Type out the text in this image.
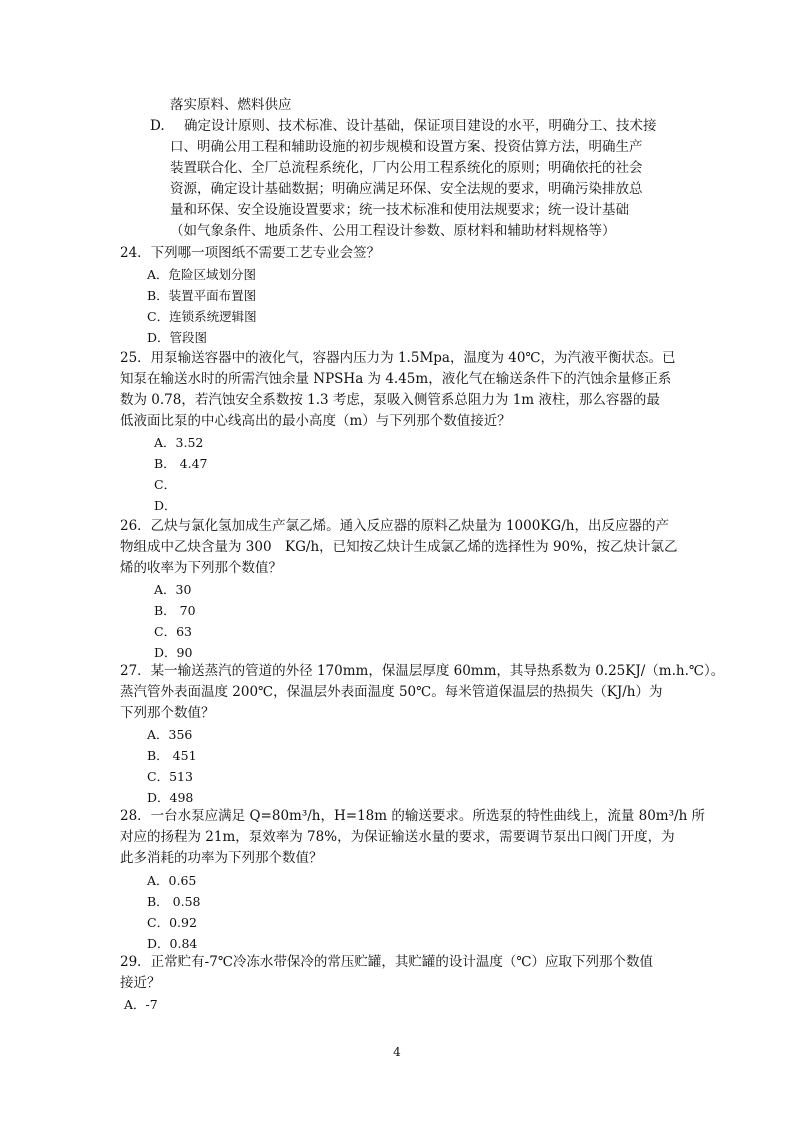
落实原料、燃料供应
D. 确定设计原则、技术标准、设计基础，保证项目建设的水平，明确分工、技术接
口、明确公用工程和辅助设施的初步规模和设置方案、投资估算方法，明确生产
装置联合化、全厂总流程系统化，厂内公用工程系统化的原则；明确依托的社会
资源，确定设计基础数据；明确应满足环保、安全法规的要求，明确污染排放总
量和环保、安全设施设置要求；统一技术标准和使用法规要求；统一设计基础
（如气象条件、地质条件、公用工程设计参数、原材料和辅助材料规格等）
24．下列哪一项图纸不需要工艺专业会签？
A．危险区域划分图
B．装置平面布置图
C．连锁系统逻辑图
D．管段图
25．用泵输送容器中的液化气，容器内压力为 1.5Mpa，温度为 40℃，为汽液平衡状态。已
知泵在输送水时的所需汽蚀余量 NPSHa 为 4.45m，液化气在输送条件下的汽蚀余量修正系
数为 0.78，若汽蚀安全系数按 1.3 考虑，泵吸入侧管系总阻力为 1m 液柱，那么容器的最
低液面比泵的中心线高出的最小高度（m）与下列那个数值接近？
A．3.52
B． 4.47
C．
D．
26．乙炔与氯化氢加成生产氯乙烯。通入反应器的原料乙炔量为 1000KG/h，出反应器的产
物组成中乙炔含量为 300　KG/h，已知按乙炔计生成氯乙烯的选择性为 90%，按乙炔计氯乙
烯的收率为下列那个数值？
A．30
B． 70
C．63
D．90
27．某一输送蒸汽的管道的外径 170mm，保温层厚度 60mm，其导热系数为 0.25KJ/（m.h.℃）。
蒸汽管外表面温度 200℃，保温层外表面温度 50℃。每米管道保温层的热损失（KJ/h）为
下列那个数值？
A．356
B． 451
C．513
D．498
28．一台水泵应满足 Q=80m³/h，H=18m 的输送要求。所选泵的特性曲线上，流量 80m³/h 所
对应的扬程为 21m，泵效率为 78%，为保证输送水量的要求，需要调节泵出口阀门开度，为
此多消耗的功率为下列那个数值？
A．0.65
B． 0.58
C．0.92
D．0.84
29．正常贮有-7℃冷冻水带保冷的常压贮罐，其贮罐的设计温度（℃）应取下列那个数值
接近？
A．-7
4
